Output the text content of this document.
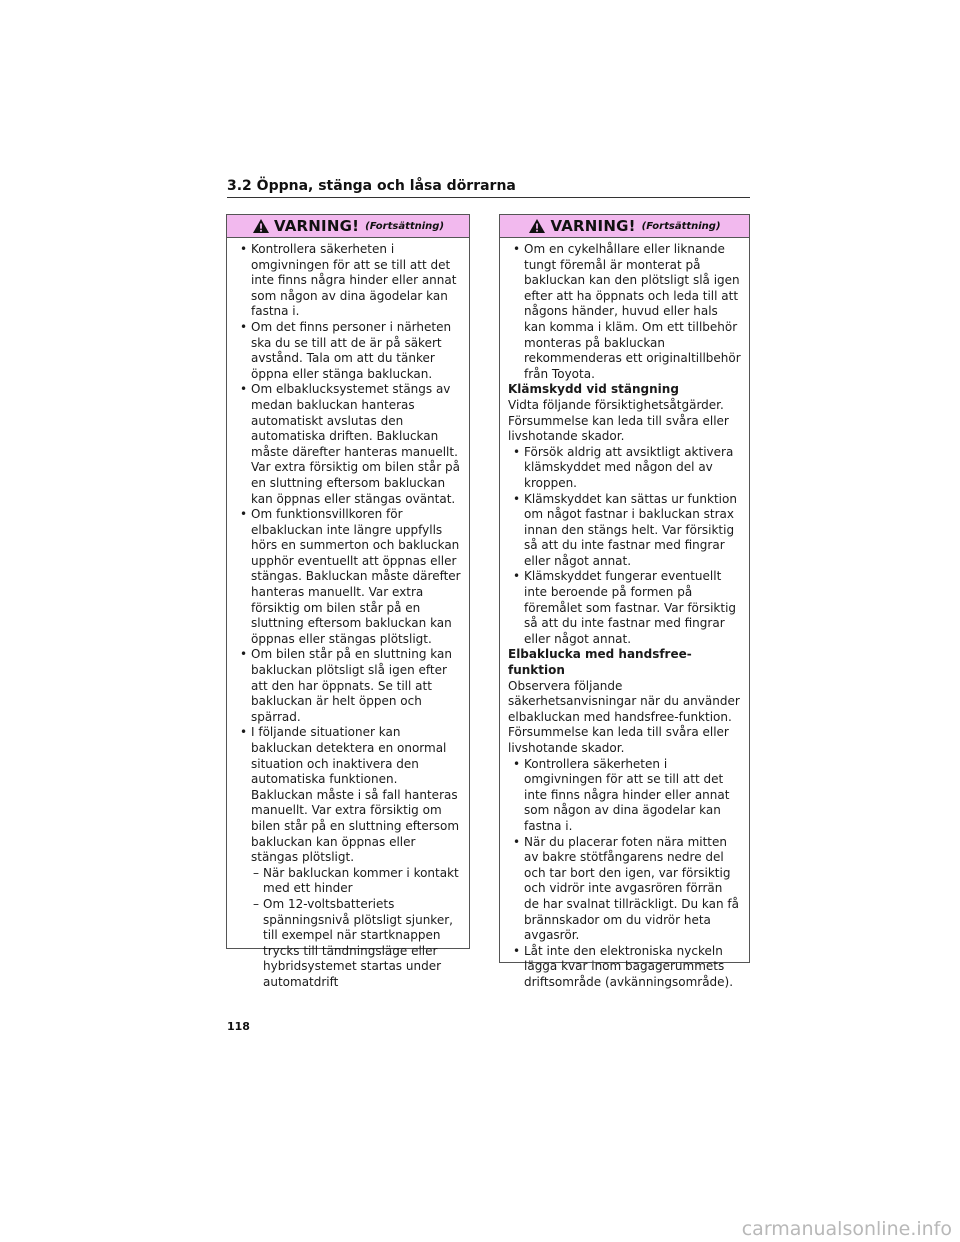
3.2 Öppna, stänga och låsa dörrarna
VARNING! (Fortsättning)

• Kontrollera säkerheten i omgivningen för att se till att det inte finns några hinder eller annat som någon av dina ägodelar kan fastna i.

• Om det finns personer i närheten ska du se till att de är på säkert avstånd. Tala om att du tänker öppna eller stänga bakluckan.

• Om elbaklucksystemet stängs av medan bakluckan hanteras automatiskt avslutas den automatiska driften. Bakluckan måste därefter hanteras manuellt. Var extra försiktig om bilen står på en sluttning eftersom bakluckan kan öppnas eller stängas oväntat.

• Om funktionsvillkoren för elbakluckan inte längre uppfylls hörs en summerton och bakluckan upphör eventuellt att öppnas eller stängas. Bakluckan måste därefter hanteras manuellt. Var extra försiktig om bilen står på en sluttning eftersom bakluckan kan öppnas eller stängas plötsligt.

• Om bilen står på en sluttning kan bakluckan plötsligt slå igen efter att den har öppnats. Se till att bakluckan är helt öppen och spärrad.

• I följande situationer kan bakluckan detektera en onormal situation och inaktivera den automatiska funktionen. Bakluckan måste i så fall hanteras manuellt. Var extra försiktig om bilen står på en sluttning eftersom bakluckan kan öppnas eller stängas plötsligt.

– När bakluckan kommer i kontakt med ett hinder

– Om 12-voltsbatteriets spänningsnivå plötsligt sjunker, till exempel när startknappen trycks till tändningsläge eller hybridsystemet startas under automatdrift

VARNING! (Fortsättning)

• Om en cykelhållare eller liknande tungt föremål är monterat på bakluckan kan den plötsligt slå igen efter att ha öppnats och leda till att någons händer, huvud eller hals kan komma i kläm. Om ett tillbehör monteras på bakluckan rekommenderas ett originaltillbehör från Toyota.

Klämskydd vid stängning

Vidta följande försiktighetsåtgärder. Försummelse kan leda till svåra eller livshotande skador.

• Försök aldrig att avsiktligt aktivera klämskyddet med någon del av kroppen.

• Klämskyddet kan sättas ur funktion om något fastnar i bakluckan strax innan den stängs helt. Var försiktig så att du inte fastnar med fingrar eller något annat.

• Klämskyddet fungerar eventuellt inte beroende på formen på föremålet som fastnar. Var försiktig så att du inte fastnar med fingrar eller något annat.

Elbaklucka med handsfree-funktion

Observera följande säkerhetsanvisningar när du använder elbakluckan med handsfree-funktion. Försummelse kan leda till svåra eller livshotande skador.

• Kontrollera säkerheten i omgivningen för att se till att det inte finns några hinder eller annat som någon av dina ägodelar kan fastna i.

• När du placerar foten nära mitten av bakre stötfångarens nedre del och tar bort den igen, var försiktig och vidrör inte avgasrören förrän de har svalnat tillräckligt. Du kan få brännskador om du vidrör heta avgasrör.

• Låt inte den elektroniska nyckeln lägga kvar inom bagagerummets driftsområde (avkänningsområde).

118
carmanualsonline.info
